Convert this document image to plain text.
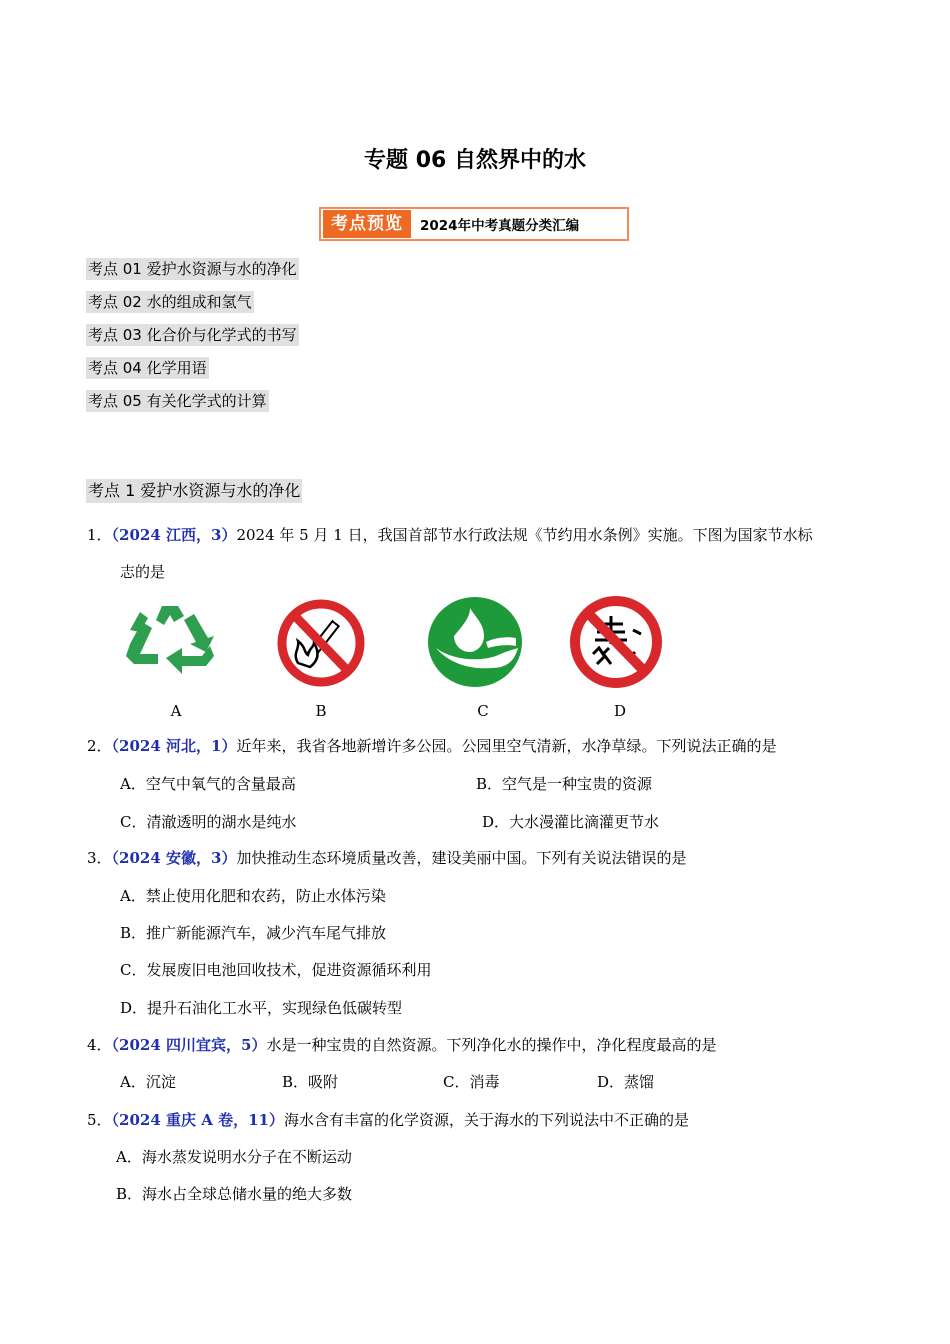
专题 06 自然界中的水
考点预览	2024年中考真题分类汇编
考点 01 爱护水资源与水的净化
考点 02 水的组成和氢气
考点 03 化合价与化学式的书写
考点 04 化学用语
考点 05 有关化学式的计算
考点 1 爱护水资源与水的净化
1．（2024 江西，3）2024 年 5 月 1 日，我国首部节水行政法规《节约用水条例》实施。下图为国家节水标
志的是
A	B	C	D
2．（2024 河北，1）近年来，我省各地新增许多公园。公园里空气清新，水净草绿。下列说法正确的是
A．空气中氧气的含量最高	B．空气是一种宝贵的资源
C．清澈透明的湖水是纯水	D．大水漫灌比滴灌更节水
3．（2024 安徽，3）加快推动生态环境质量改善，建设美丽中国。下列有关说法错误的是
A．禁止使用化肥和农药，防止水体污染
B．推广新能源汽车，减少汽车尾气排放
C．发展废旧电池回收技术，促进资源循环利用
D．提升石油化工水平，实现绿色低碳转型
4．（2024 四川宜宾，5）水是一种宝贵的自然资源。下列净化水的操作中，净化程度最高的是
A．沉淀	B．吸附	C．消毒	D．蒸馏
5．（2024 重庆 A 卷，11）海水含有丰富的化学资源，关于海水的下列说法中不正确的是
A．海水蒸发说明水分子在不断运动
B．海水占全球总储水量的绝大多数
